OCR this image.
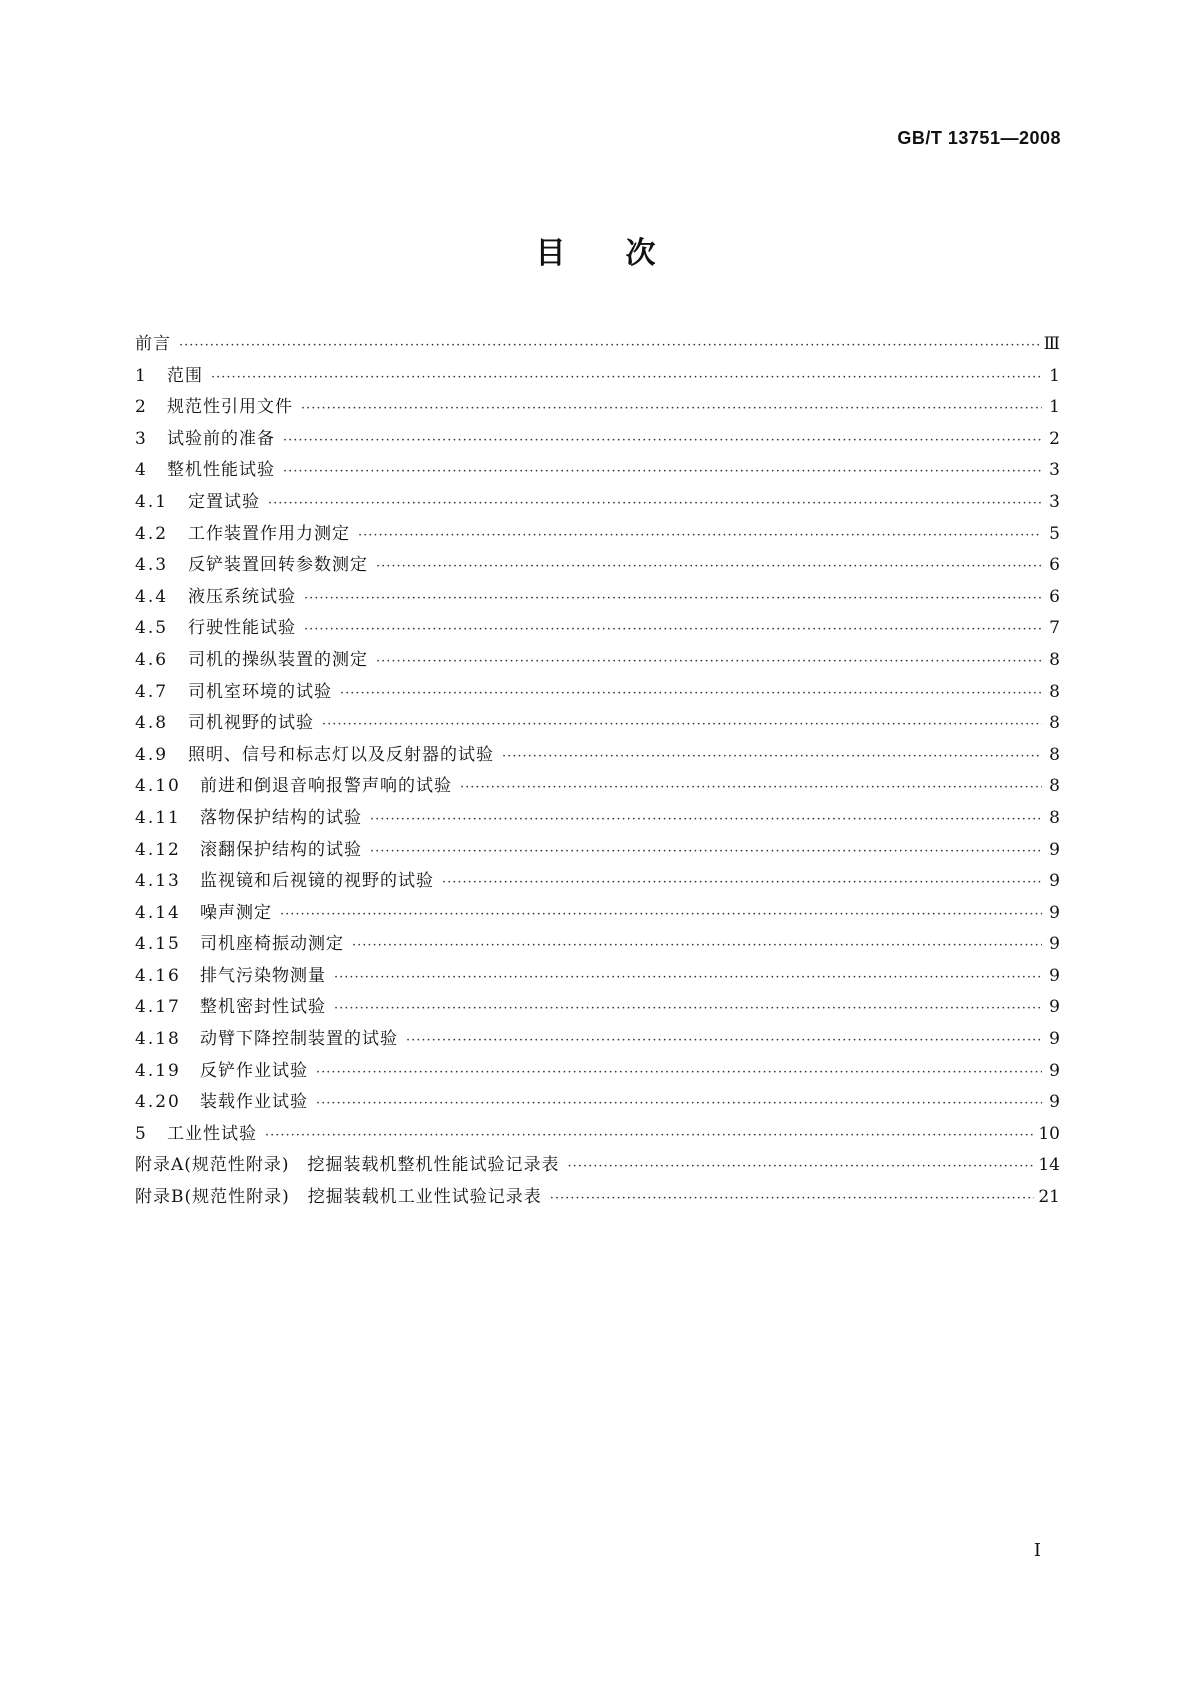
GB/T 13751—2008
目次
前言 ·····	Ⅲ
1	范围 ·····	1
2	规范性引用文件 ·····	1
3	试验前的准备 ·····	2
4	整机性能试验 ·····	3
4.1	定置试验 ·····	3
4.2	工作装置作用力测定 ·····	5
4.3	反铲装置回转参数测定 ·····	6
4.4	液压系统试验 ·····	6
4.5	行驶性能试验 ·····	7
4.6	司机的操纵装置的测定 ·····	8
4.7	司机室环境的试验 ·····	8
4.8	司机视野的试验 ·····	8
4.9	照明、信号和标志灯以及反射器的试验 ·····	8
4.10	前进和倒退音响报警声响的试验 ·····	8
4.11	落物保护结构的试验 ·····	8
4.12	滚翻保护结构的试验 ·····	9
4.13	监视镜和后视镜的视野的试验 ·····	9
4.14	噪声测定 ·····	9
4.15	司机座椅振动测定 ·····	9
4.16	排气污染物测量 ·····	9
4.17	整机密封性试验 ·····	9
4.18	动臂下降控制装置的试验 ·····	9
4.19	反铲作业试验 ·····	9
4.20	装载作业试验 ·····	9
5	工业性试验 ·····	10
附录A(规范性附录)　挖掘装载机整机性能试验记录表 ·····	14
附录B(规范性附录)　挖掘装载机工业性试验记录表 ·····	21
I
